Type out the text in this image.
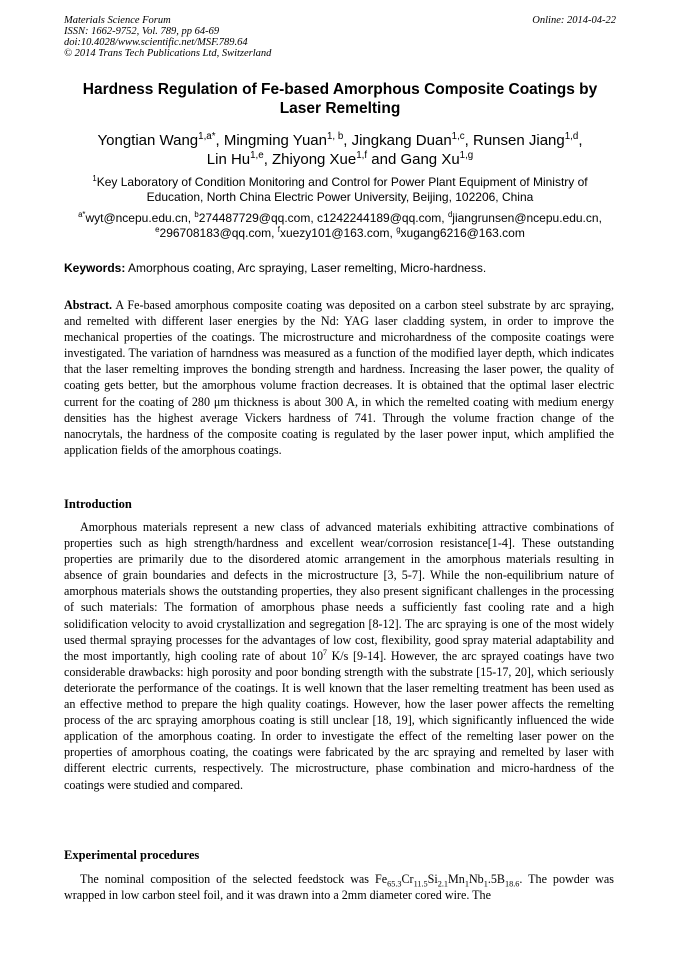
Materials Science Forum
ISSN: 1662-9752, Vol. 789, pp 64-69
doi:10.4028/www.scientific.net/MSF.789.64
© 2014 Trans Tech Publications Ltd, Switzerland
Online: 2014-04-22
Hardness Regulation of Fe-based Amorphous Composite Coatings by
Laser Remelting
Yongtian Wang$^{1,a*}$, Mingming Yuan$^{1, b}$, Jingkang Duan$^{1,c}$, Runsen Jiang$^{1,d}$,
Lin Hu$^{1,e}$, Zhiyong Xue$^{1,f}$ and Gang Xu$^{1,g}$
$^1$Key Laboratory of Condition Monitoring and Control for Power Plant Equipment of Ministry of
Education, North China Electric Power University, Beijing, 102206, China
$^{a*}$wyt@ncepu.edu.cn, $^b$274487729@qq.com, c1242244189@qq.com, $^d$jiangrunsen@ncepu.edu.cn,
$^e$296708183@qq.com, $^f$xuezy101@163.com, $^g$xugang6216@163.com
Keywords: Amorphous coating, Arc spraying, Laser remelting, Micro-hardness.
Abstract. A Fe-based amorphous composite coating was deposited on a carbon steel substrate by arc spraying, and remelted with different laser energies by the Nd: YAG laser cladding system, in order to improve the mechanical properties of the coatings. The microstructure and microhardness of the composite coatings were investigated. The variation of harndness was measured as a function of the modified layer depth, which indicates that the laser remelting improves the bonding strength and hardness. Increasing the laser power, the quality of coating gets better, but the amorphous volume fraction decreases. It is obtained that the optimal laser electric current for the coating of 280 μm thickness is about 300 A, in which the remelted coating with medium energy densities has the highest average Vickers hardness of 741. Through the volume fraction change of the nanocrytals, the hardness of the composite coating is regulated by the laser power input, which amplified the application fields of the amorphous coatings.
Introduction
Amorphous materials represent a new class of advanced materials exhibiting attractive combinations of properties such as high strength/hardness and excellent wear/corrosion resistance[1-4]. These outstanding properties are primarily due to the disordered atomic arrangement in the amorphous materials resulting in absence of grain boundaries and defects in the microstructure [3, 5-7]. While the non-equilibrium nature of amorphous materials shows the outstanding properties, they also present significant challenges in the processing of such materials: The formation of amorphous phase needs a sufficiently fast cooling rate and a high solidification velocity to avoid crystallization and segregation [8-12]. The arc spraying is one of the most widely used thermal spraying processes for the advantages of low cost, flexibility, good spray material adaptability and the most importantly, high cooling rate of about $10^7$ K/s [9-14]. However, the arc sprayed coatings have two considerable drawbacks: high porosity and poor bonding strength with the substrate [15-17, 20], which seriously deteriorate the performance of the coatings. It is well known that the laser remelting treatment has been used as an effective method to prepare the high quality coatings. However, how the laser power affects the remelting process of the arc spraying amorphous coating is still unclear [18, 19], which significantly influenced the wide application of the amorphous coating. In order to investigate the effect of the remelting laser power on the properties of amorphous coating, the coatings were fabricated by the arc spraying and remelted by laser with different electric currents, respectively. The microstructure, phase combination and micro-hardness of the coatings were studied and compared.
Experimental procedures
The nominal composition of the selected feedstock was $Fe_{65.3}Cr_{11.5}Si_{2.1}Mn_1Nb_1.5B_{18.6}$. The powder was wrapped in low carbon steel foil, and it was drawn into a 2mm diameter cored wire. The
